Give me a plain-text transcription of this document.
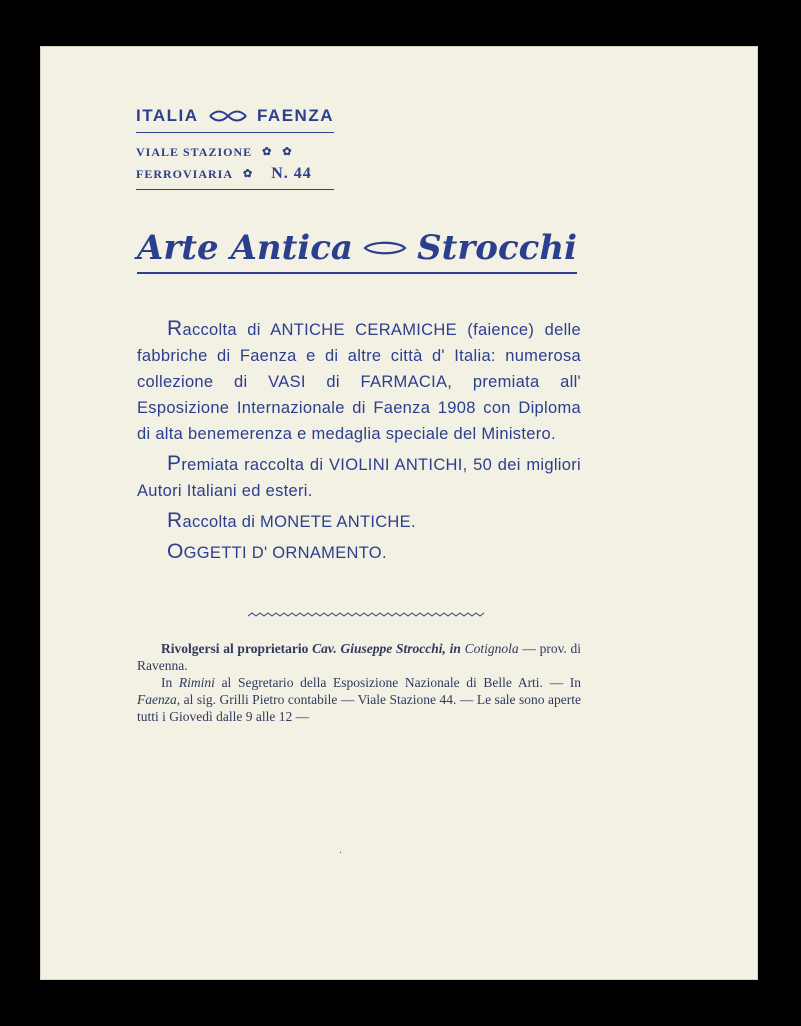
ITALIA	FAENZA
VIALE STAZIONE ✿ ✿
FERROVIARIA ✿ N. 44
Arte Antica Strocchi

Raccolta di ANTICHE CERAMICHE (faience) delle fabbriche di Faenza e di altre città d' Italia: numerosa collezione di VASI di FARMACIA, premiata all' Esposizione Internazionale di Faenza 1908 con Diploma di alta benemerenza e medaglia speciale del Ministero.

Premiata raccolta di VIOLINI ANTICHI, 50 dei migliori Autori Italiani ed esteri.

Raccolta di MONETE ANTICHE.

OGGETTI D' ORNAMENTO.

Rivolgersi al proprietario Cav. Giuseppe Strocchi, in Cotignola — prov. di Ravenna.

In Rimini al Segretario della Esposizione Nazionale di Belle Arti. — In Faenza, al sig. Grilli Pietro contabile — Viale Stazione 44. — Le sale sono aperte tutti i Giovedì dalle 9 alle 12 —

·
